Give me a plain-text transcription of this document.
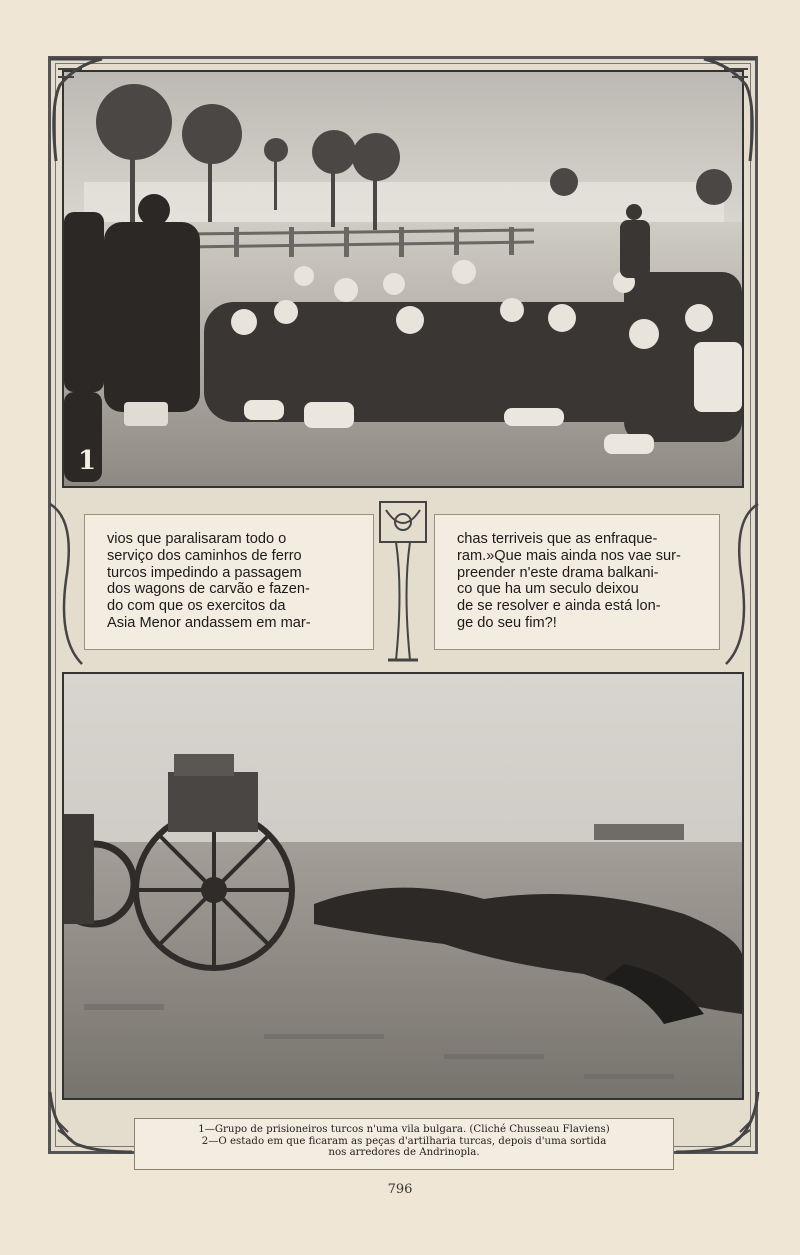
1
vios que paralisaram todo o
serviço dos caminhos de ferro
turcos impedindo a passagem
dos wagons de carvão e fazen-
do com que os exercitos da
Asia Menor andassem em mar-
chas terriveis que as enfraque-
ram.»Que mais ainda nos vae sur-
preender n'este drama balkani-
co que ha um seculo deixou
de se resolver e ainda está lon-
ge do seu fim?!
1—Grupo de prisioneiros turcos n'uma vila bulgara. (Cliché Chusseau Flaviens)
2—O estado em que ficaram as peças d'artilharia turcas, depois d'uma sortida
nos arredores de Andrinopla.
796
